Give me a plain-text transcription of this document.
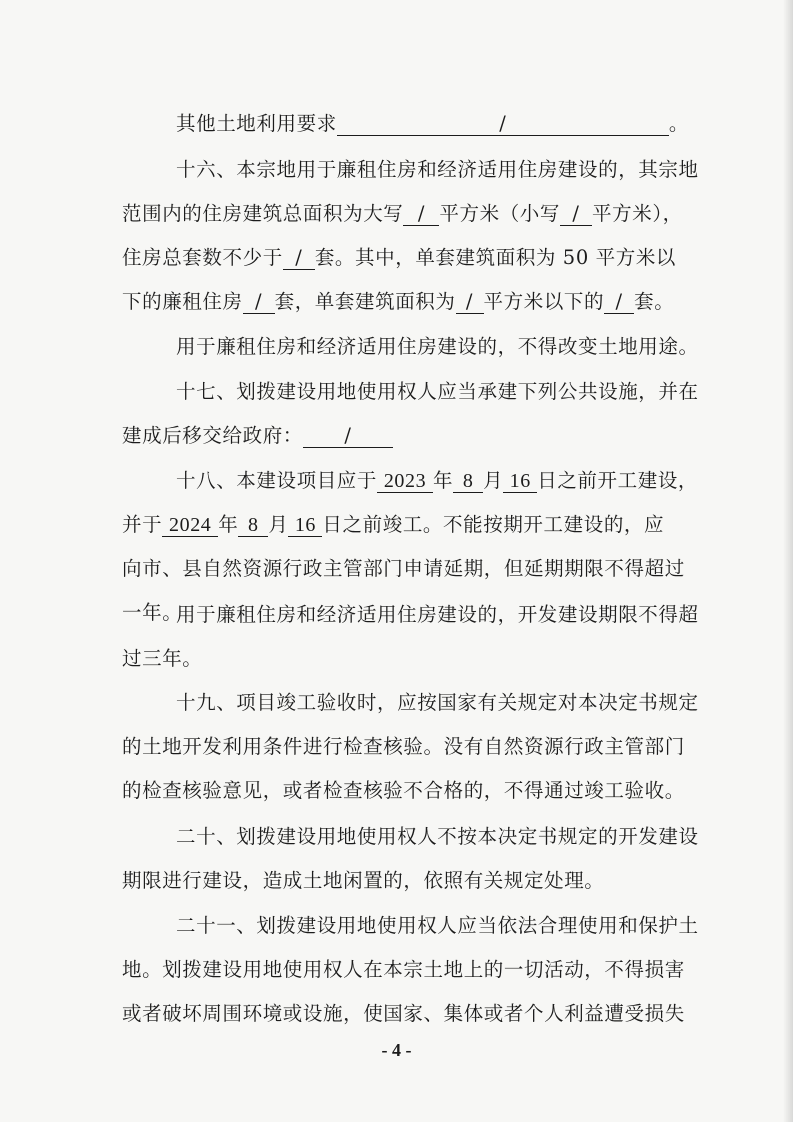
其他土地利用要求	/	。
十六、本宗地用于廉租住房和经济适用住房建设的，其宗地
范围内的住房建筑总面积为大写 / 平方米（小写 / 平方米），
住房总套数不少于 / 套。其中，单套建筑面积为 50 平方米以
下的廉租住房 / 套，单套建筑面积为 / 平方米以下的 / 套。
用于廉租住房和经济适用住房建设的，不得改变土地用途。
十七、划拨建设用地使用权人应当承建下列公共设施，并在
建成后移交给政府： /
十八、本建设项目应于 2023 年 8 月 16 日之前开工建设，
并于 2024 年 8 月 16 日之前竣工。不能按期开工建设的，应
向市、县自然资源行政主管部门申请延期，但延期期限不得超过
一年。
用于廉租住房和经济适用住房建设的，开发建设期限不得超
过三年。
十九、项目竣工验收时，应按国家有关规定对本决定书规定
的土地开发利用条件进行检查核验。没有自然资源行政主管部门
的检查核验意见，或者检查核验不合格的，不得通过竣工验收。
二十、划拨建设用地使用权人不按本决定书规定的开发建设
期限进行建设，造成土地闲置的，依照有关规定处理。
二十一、划拨建设用地使用权人应当依法合理使用和保护土
地。划拨建设用地使用权人在本宗土地上的一切活动，不得损害
或者破坏周围环境或设施，使国家、集体或者个人利益遭受损失
- 4 -
